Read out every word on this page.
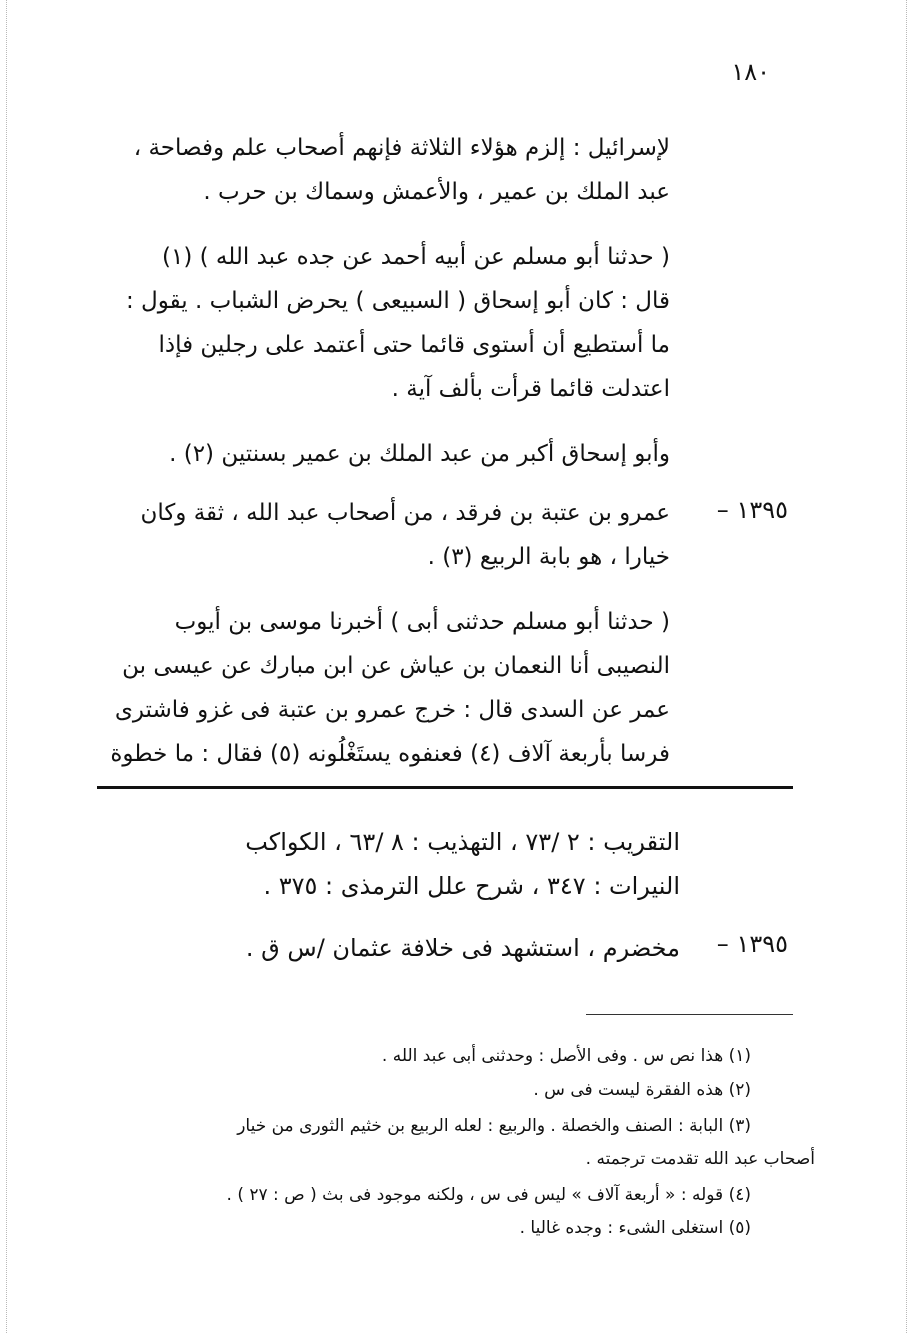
١٨٠
لإسرائيل : إلزم هؤلاء الثلاثة فإنهم أصحاب علم وفصاحة ،
عبد الملك بن عمير ، والأعمش وسماك بن حرب .
( حدثنا أبو مسلم عن أبيه أحمد عن جده عبد الله ) (١)
قال : كان أبو إسحاق ( السبيعى ) يحرض الشباب . يقول :
ما أستطيع أن أستوى قائما حتى أعتمد على رجلين فإذا
اعتدلت قائما قرأت بألف آية .
وأبو إسحاق أكبر من عبد الملك بن عمير بسنتين (٢) .
عمرو بن عتبة بن فرقد ، من أصحاب عبد الله ، ثقة وكان
خيارا ، هو بابة الربيع (٣) .
( حدثنا أبو مسلم حدثنى أبى ) أخبرنا موسى بن أيوب
النصيبى أنا النعمان بن عياش عن ابن مبارك عن عيسى بن
عمر عن السدى قال : خرج عمرو بن عتبة فى غزو فاشترى
فرسا بأربعة آلاف (٤) فعنفوه يستَغْلُونه (٥) فقال : ما خطوة
١٣٩٥ –
التقريب : ٢ /٧٣ ، التهذيب : ٨ /٦٣ ، الكواكب
النيرات : ٣٤٧ ، شرح علل الترمذى : ٣٧٥ .
مخضرم ، استشهد فى خلافة عثمان /س ق . ١٣٩٥ –
(١) هذا نص س . وفى الأصل : وحدثنى أبى عبد الله .
(٢) هذه الفقرة ليست فى س .
(٣) البابة : الصنف والخصلة . والربيع : لعله الربيع بن خثيم الثورى من خيار
أصحاب عبد الله تقدمت ترجمته .
(٤) قوله : « أربعة آلاف » ليس فى س ، ولكنه موجود فى بث ( ص : ٢٧ ) .
(٥) استغلى الشىء : وجده غاليا .
